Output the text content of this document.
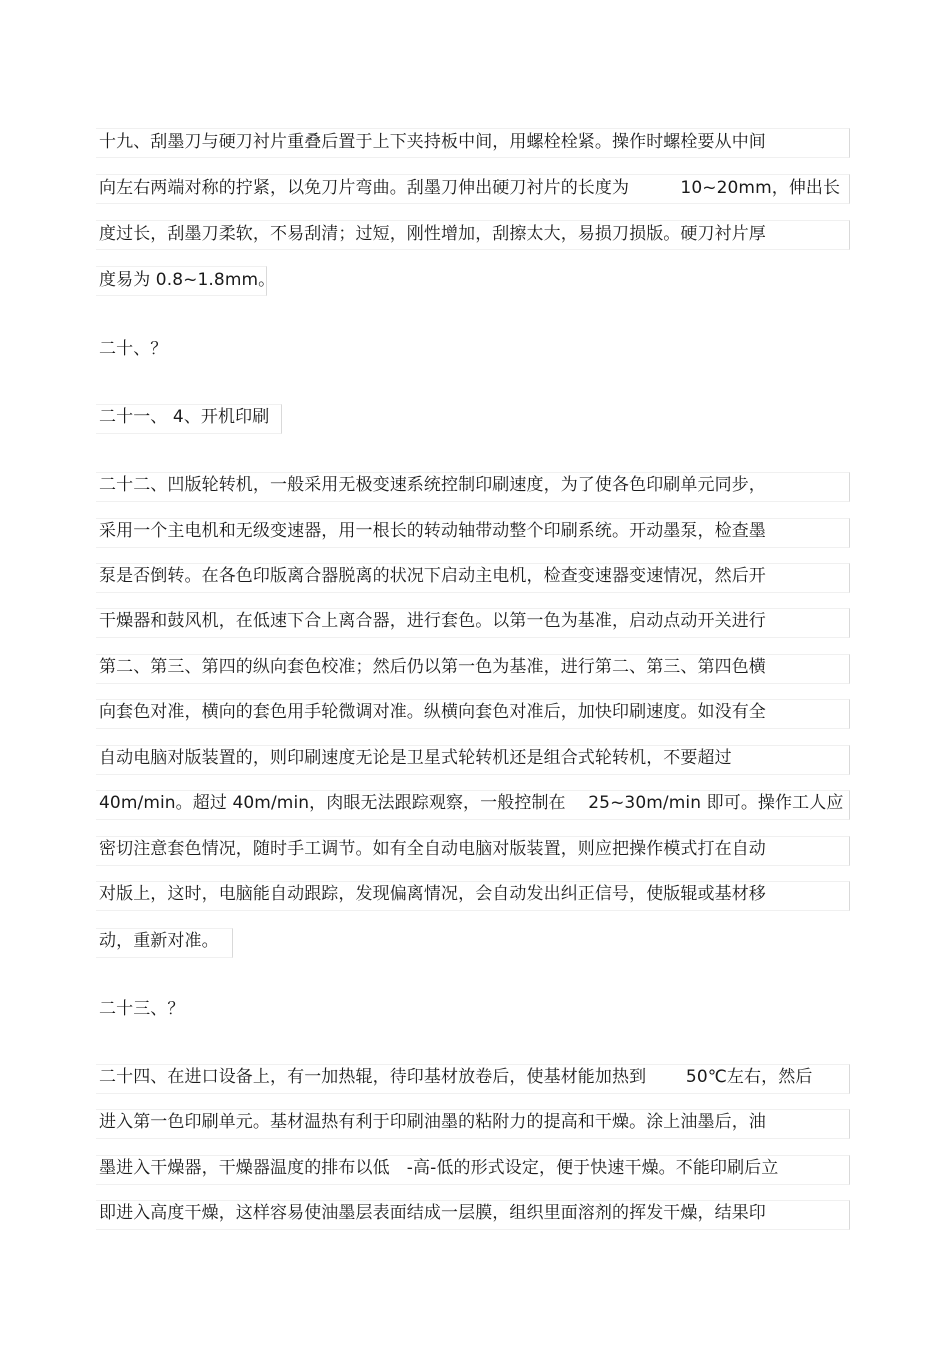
十九、刮墨刀与硬刀衬片重叠后置于上下夹持板中间，用螺栓栓紧。操作时螺栓要从中间
向左右两端对称的拧紧，以免刀片弯曲。刮墨刀伸出硬刀衬片的长度为　　　10~20mm，伸出长
度过长，刮墨刀柔软，不易刮清；过短，刚性增加，刮擦太大，易损刀损版。硬刀衬片厚
度易为 0.8~1.8mm。
二十、？
二十一、 4、开机印刷
二十二、凹版轮转机，一般采用无极变速系统控制印刷速度，为了使各色印刷单元同步，
采用一个主电机和无级变速器，用一根长的转动轴带动整个印刷系统。开动墨泵，检查墨
泵是否倒转。在各色印版离合器脱离的状况下启动主电机，检查变速器变速情况，然后开
干燥器和鼓风机，在低速下合上离合器，进行套色。以第一色为基准，启动点动开关进行
第二、第三、第四的纵向套色校准；然后仍以第一色为基准，进行第二、第三、第四色横
向套色对准，横向的套色用手轮微调对准。纵横向套色对准后，加快印刷速度。如没有全
自动电脑对版装置的，则印刷速度无论是卫星式轮转机还是组合式轮转机，不要超过
40m/min。超过 40m/min，肉眼无法跟踪观察，一般控制在　 25~30m/min 即可。操作工人应
密切注意套色情况，随时手工调节。如有全自动电脑对版装置，则应把操作模式打在自动
对版上，这时，电脑能自动跟踪，发现偏离情况，会自动发出纠正信号，使版辊或基材移
动，重新对准。
二十三、？
二十四、在进口设备上，有一加热辊，待印基材放卷后，使基材能加热到　　 50℃左右，然后
进入第一色印刷单元。基材温热有利于印刷油墨的粘附力的提高和干燥。涂上油墨后，油
墨进入干燥器，干燥器温度的排布以低　-高-低的形式设定，便于快速干燥。不能印刷后立
即进入高度干燥，这样容易使油墨层表面结成一层膜，组织里面溶剂的挥发干燥，结果印
